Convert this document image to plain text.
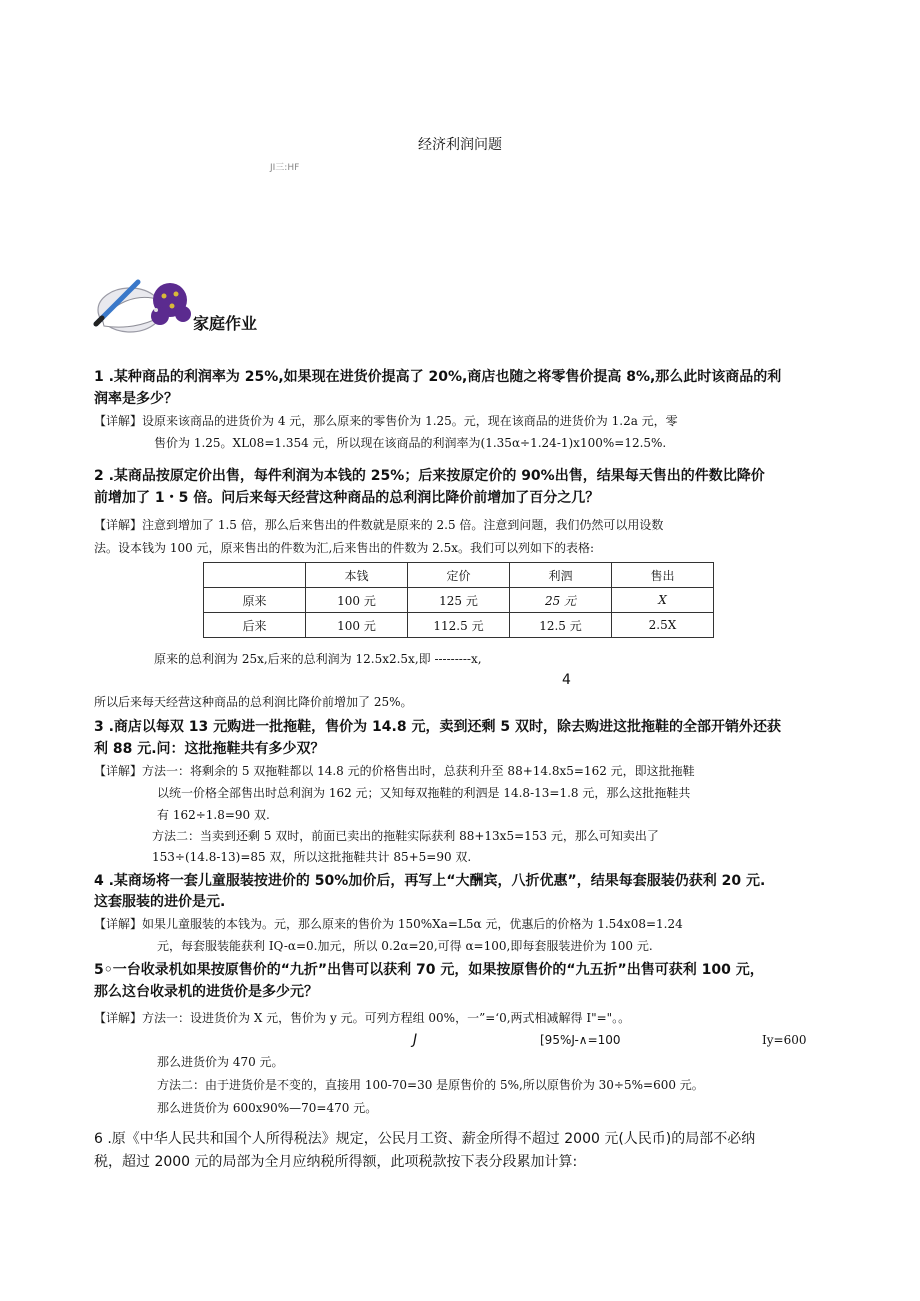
经济利润问题
JI三:HF
家庭作业
1 .某种商品的利润率为 25%,如果现在进货价提高了 20%,商店也随之将零售价提高 8%,那么此时该商品的利
润率是多少？
【详解】设原来该商品的进货价为 4 元，那么原来的零售价为 1.25。元，现在该商品的进货价为 1.2a 元，零
售价为 1.25。XL08=1.354 元，所以现在该商品的利润率为(1.35α÷1.24-1)x100%=12.5%.
2 .某商品按原定价出售，每件利润为本钱的 25%；后来按原定价的 90%出售，结果每天售出的件数比降价
前增加了 1・5 倍。问后来每天经营这种商品的总利润比降价前增加了百分之几？
【详解】注意到增加了 1.5 倍，那么后来售出的件数就是原来的 2.5 倍。注意到问题，我们仍然可以用设数
法。设本钱为 100 元，原来售出的件数为汇,后来售出的件数为 2.5x。我们可以列如下的表格:
	本钱	定价	利泗	售出
原来	100 元	125 元	25 元	X
后来	100 元	112.5 元	12.5 元	2.5X
原来的总利润为 25x,后来的总利润为 12.5x2.5x,即 ---------x,
4
所以后来每天经营这种商品的总利润比降价前增加了 25%。
3 .商店以每双 13 元购进一批拖鞋，售价为 14.8 元，卖到还剩 5 双时，除去购进这批拖鞋的全部开销外还获
利 88 元.问：这批拖鞋共有多少双？
【详解】方法一：将剩余的 5 双拖鞋都以 14.8 元的价格售出时，总获利升至 88+14.8x5=162 元，即这批拖鞋
以统一价格全部售出时总利润为 162 元；又知每双拖鞋的利泗是 14.8-13=1.8 元，那么这批拖鞋共
有 162÷1.8=90 双.
方法二：当卖到还剩 5 双时，前面已卖出的拖鞋实际获利 88+13x5=153 元，那么可知卖出了
153÷(14.8-13)=85 双，所以这批拖鞋共计 85+5=90 双.
4 .某商场将一套儿童服装按进价的 50%加价后，再写上“大酬宾，八折优惠”，结果每套服装仍获利 20 元.
这套服装的进价是元.
【详解】如果儿童服装的本钱为。元，那么原来的售价为 150%Xa=L5α 元，优惠后的价格为 1.54x08=1.24
元，每套服装能获利 IQ-α=0.加元，所以 0.2α=20,可得 α=100,即每套服装进价为 100 元.
5◦一台收录机如果按原售价的“九折”出售可以获利 70 元，如果按原售价的“九五折”出售可获利 100 元，
那么这台收录机的进货价是多少元？
【详解】方法一：设进货价为 X 元，售价为 y 元。可列方程组 00%，一”=‘0,两式相减解得 I"="。。
J	[95%J-∧=100	Iy=600
那么进货价为 470 元。
方法二：由于进货价是不变的，直接用 100-70=30 是原售价的 5%,所以原售价为 30÷5%=600 元。
那么进货价为 600x90%—70=470 元。
6 .原《中华人民共和国个人所得税法》规定，公民月工资、薪金所得不超过 2000 元(人民币)的局部不必纳
税，超过 2000 元的局部为全月应纳税所得额，此项税款按下表分段累加计算:
